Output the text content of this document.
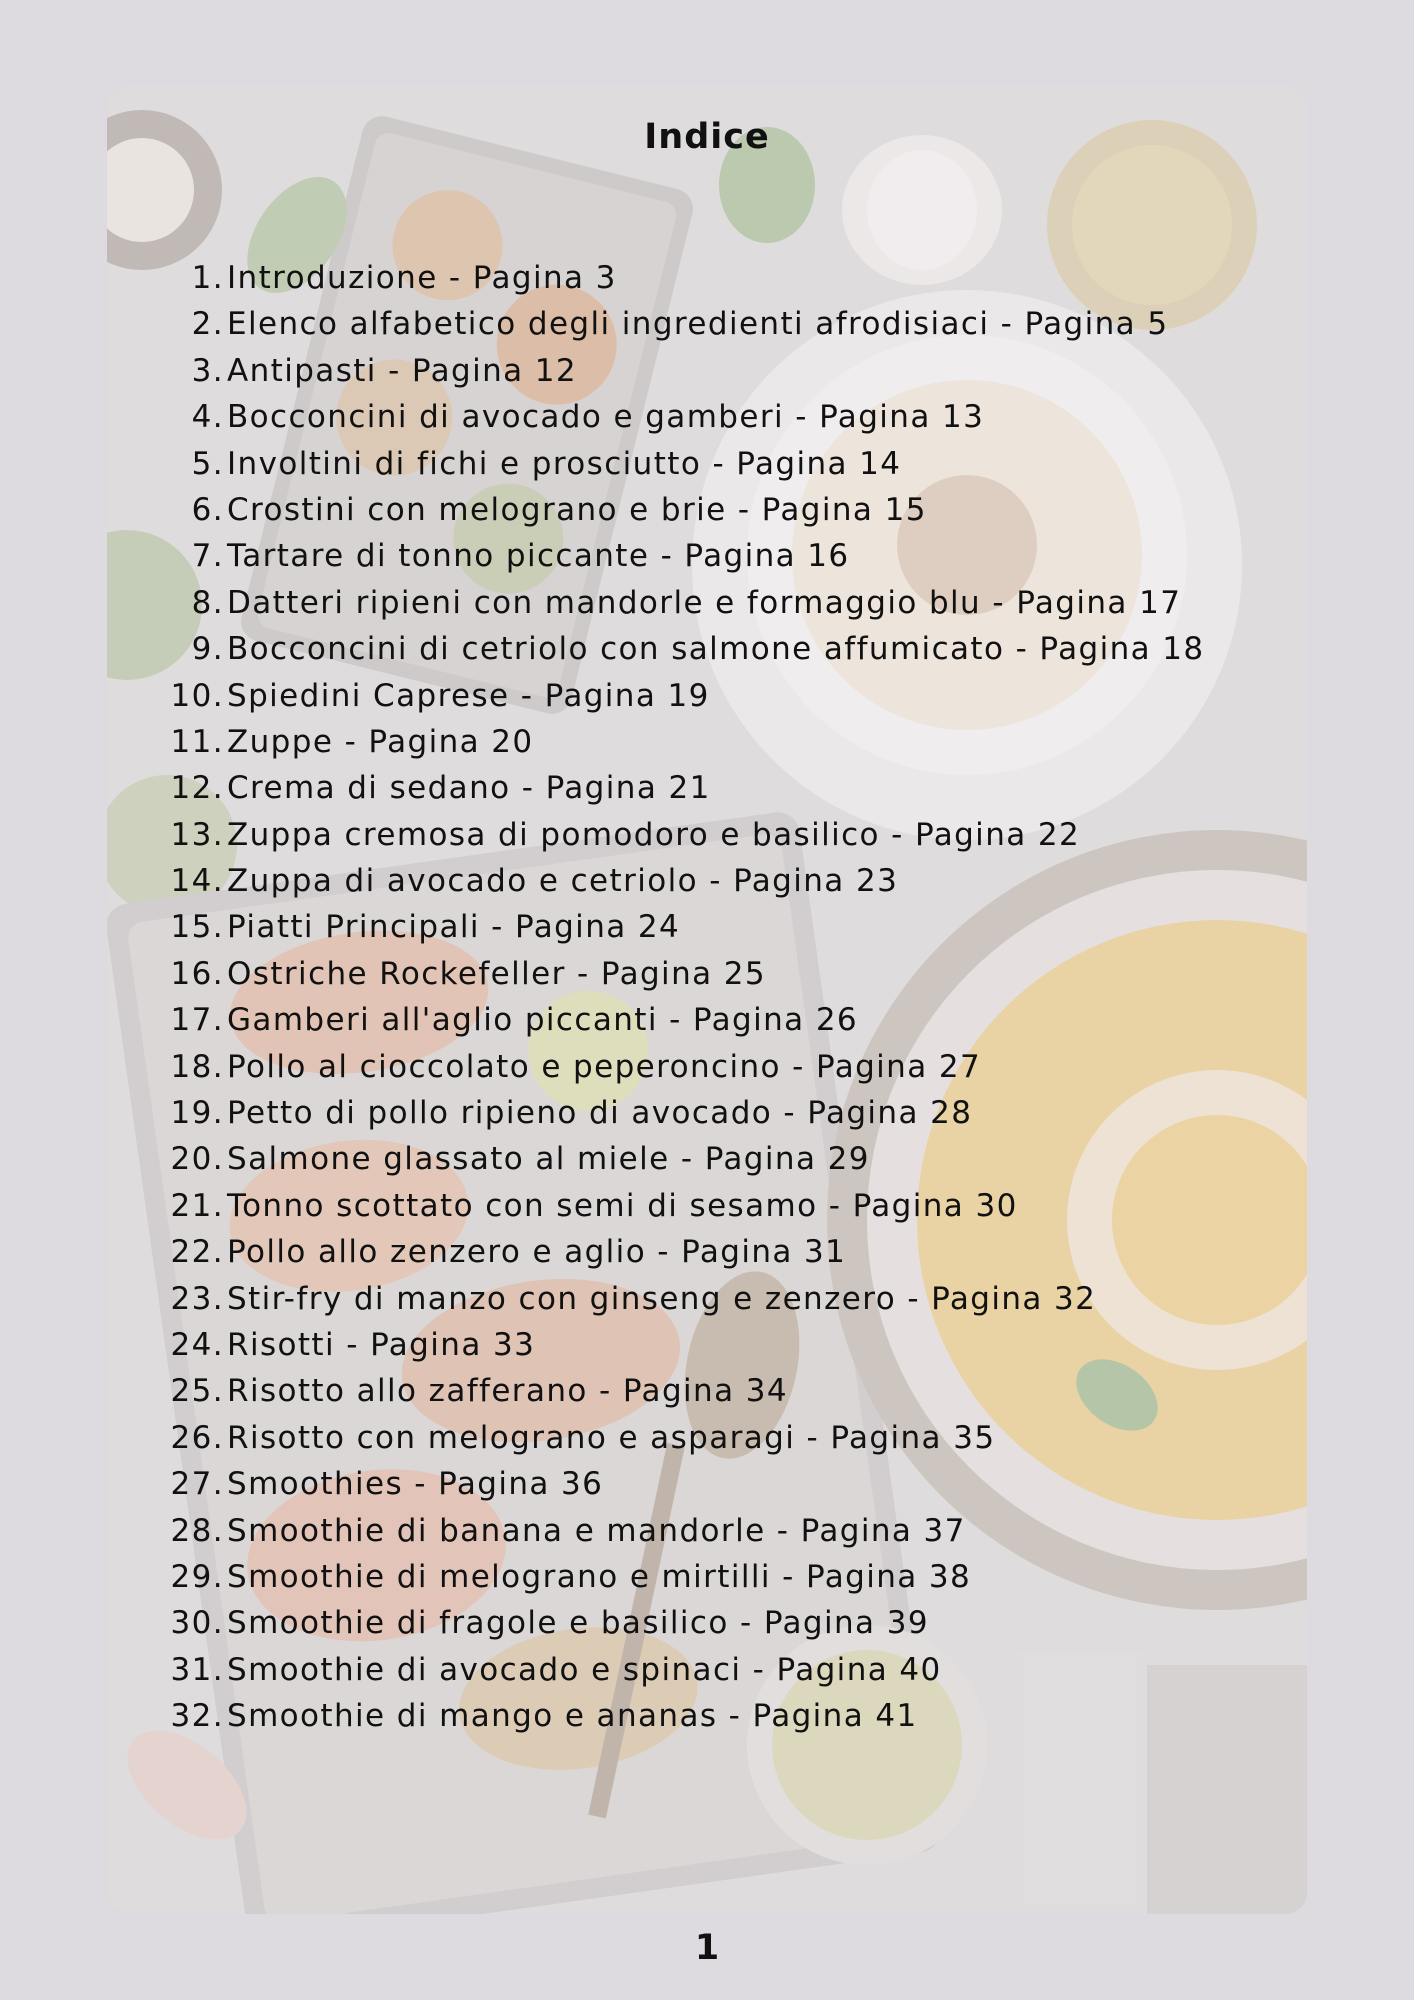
Indice
1. Introduzione - Pagina 3
2. Elenco alfabetico degli ingredienti afrodisiaci - Pagina 5
3. Antipasti - Pagina 12
4. Bocconcini di avocado e gamberi - Pagina 13
5. Involtini di fichi e prosciutto - Pagina 14
6. Crostini con melograno e brie - Pagina 15
7. Tartare di tonno piccante - Pagina 16
8. Datteri ripieni con mandorle e formaggio blu - Pagina 17
9. Bocconcini di cetriolo con salmone affumicato - Pagina 18
10. Spiedini Caprese - Pagina 19
11. Zuppe - Pagina 20
12. Crema di sedano - Pagina 21
13. Zuppa cremosa di pomodoro e basilico - Pagina 22
14. Zuppa di avocado e cetriolo - Pagina 23
15. Piatti Principali - Pagina 24
16. Ostriche Rockefeller - Pagina 25
17. Gamberi all'aglio piccanti - Pagina 26
18. Pollo al cioccolato e peperoncino - Pagina 27
19. Petto di pollo ripieno di avocado - Pagina 28
20. Salmone glassato al miele - Pagina 29
21. Tonno scottato con semi di sesamo - Pagina 30
22. Pollo allo zenzero e aglio - Pagina 31
23. Stir-fry di manzo con ginseng e zenzero - Pagina 32
24. Risotti - Pagina 33
25. Risotto allo zafferano - Pagina 34
26. Risotto con melograno e asparagi - Pagina 35
27. Smoothies - Pagina 36
28. Smoothie di banana e mandorle - Pagina 37
29. Smoothie di melograno e mirtilli - Pagina 38
30. Smoothie di fragole e basilico - Pagina 39
31. Smoothie di avocado e spinaci - Pagina 40
32. Smoothie di mango e ananas - Pagina 41
1
